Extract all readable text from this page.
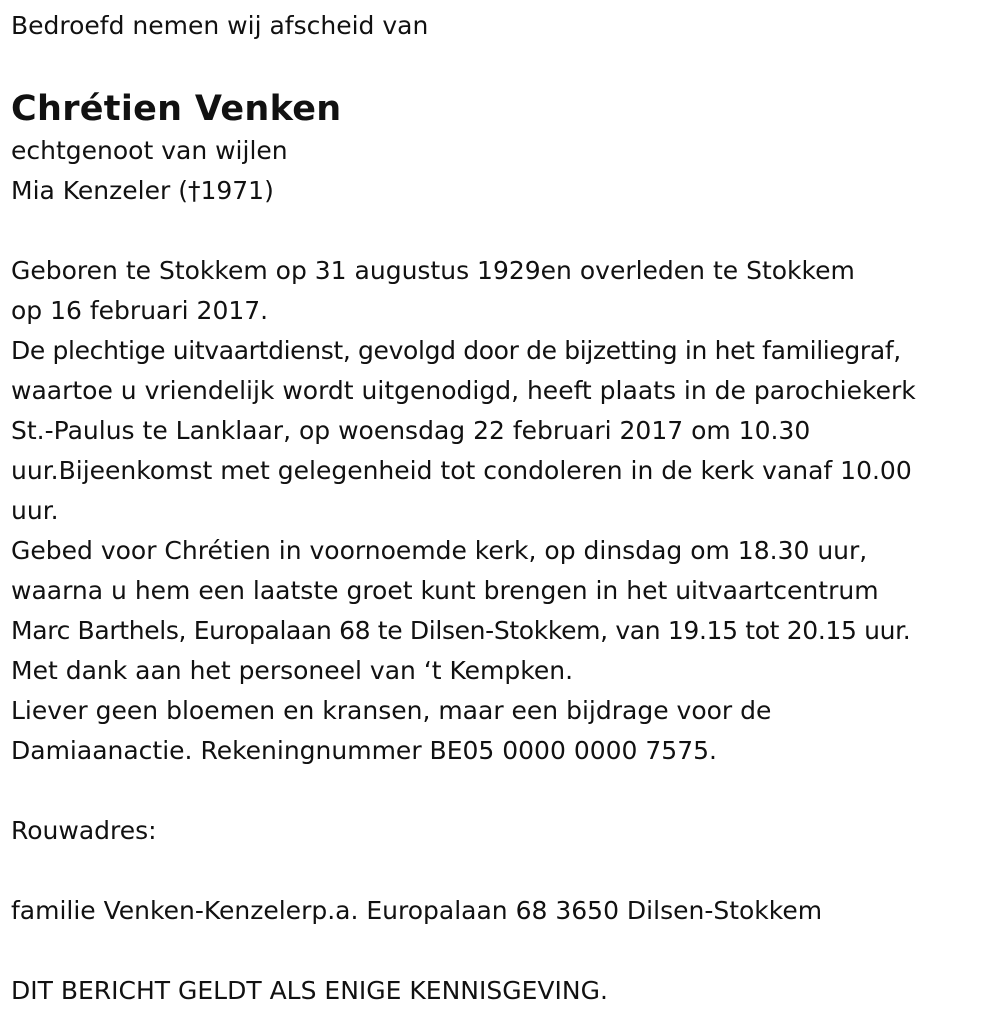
Bedroefd nemen wij afscheid van
Chrétien Venken
echtgenoot van wijlen
Mia Kenzeler (†1971)
Geboren te Stokkem op 31 augustus 1929en overleden te Stokkem
op 16 februari 2017.
De plechtige uitvaartdienst, gevolgd door de bijzetting in het familiegraf,
waartoe u vriendelijk wordt uitgenodigd, heeft plaats in de parochiekerk
St.-Paulus te Lanklaar, op woensdag 22 februari 2017 om 10.30
uur.Bijeenkomst met gelegenheid tot condoleren in de kerk vanaf 10.00
uur.
Gebed voor Chrétien in voornoemde kerk, op dinsdag om 18.30 uur,
waarna u hem een laatste groet kunt brengen in het uitvaartcentrum
Marc Barthels, Europalaan 68 te Dilsen-Stokkem, van 19.15 tot 20.15 uur.
Met dank aan het personeel van ‘t Kempken.
Liever geen bloemen en kransen, maar een bijdrage voor de
Damiaanactie. Rekeningnummer BE05 0000 0000 7575.
Rouwadres:
familie Venken-Kenzelerp.a. Europalaan 68 3650 Dilsen-Stokkem
DIT BERICHT GELDT ALS ENIGE KENNISGEVING.
